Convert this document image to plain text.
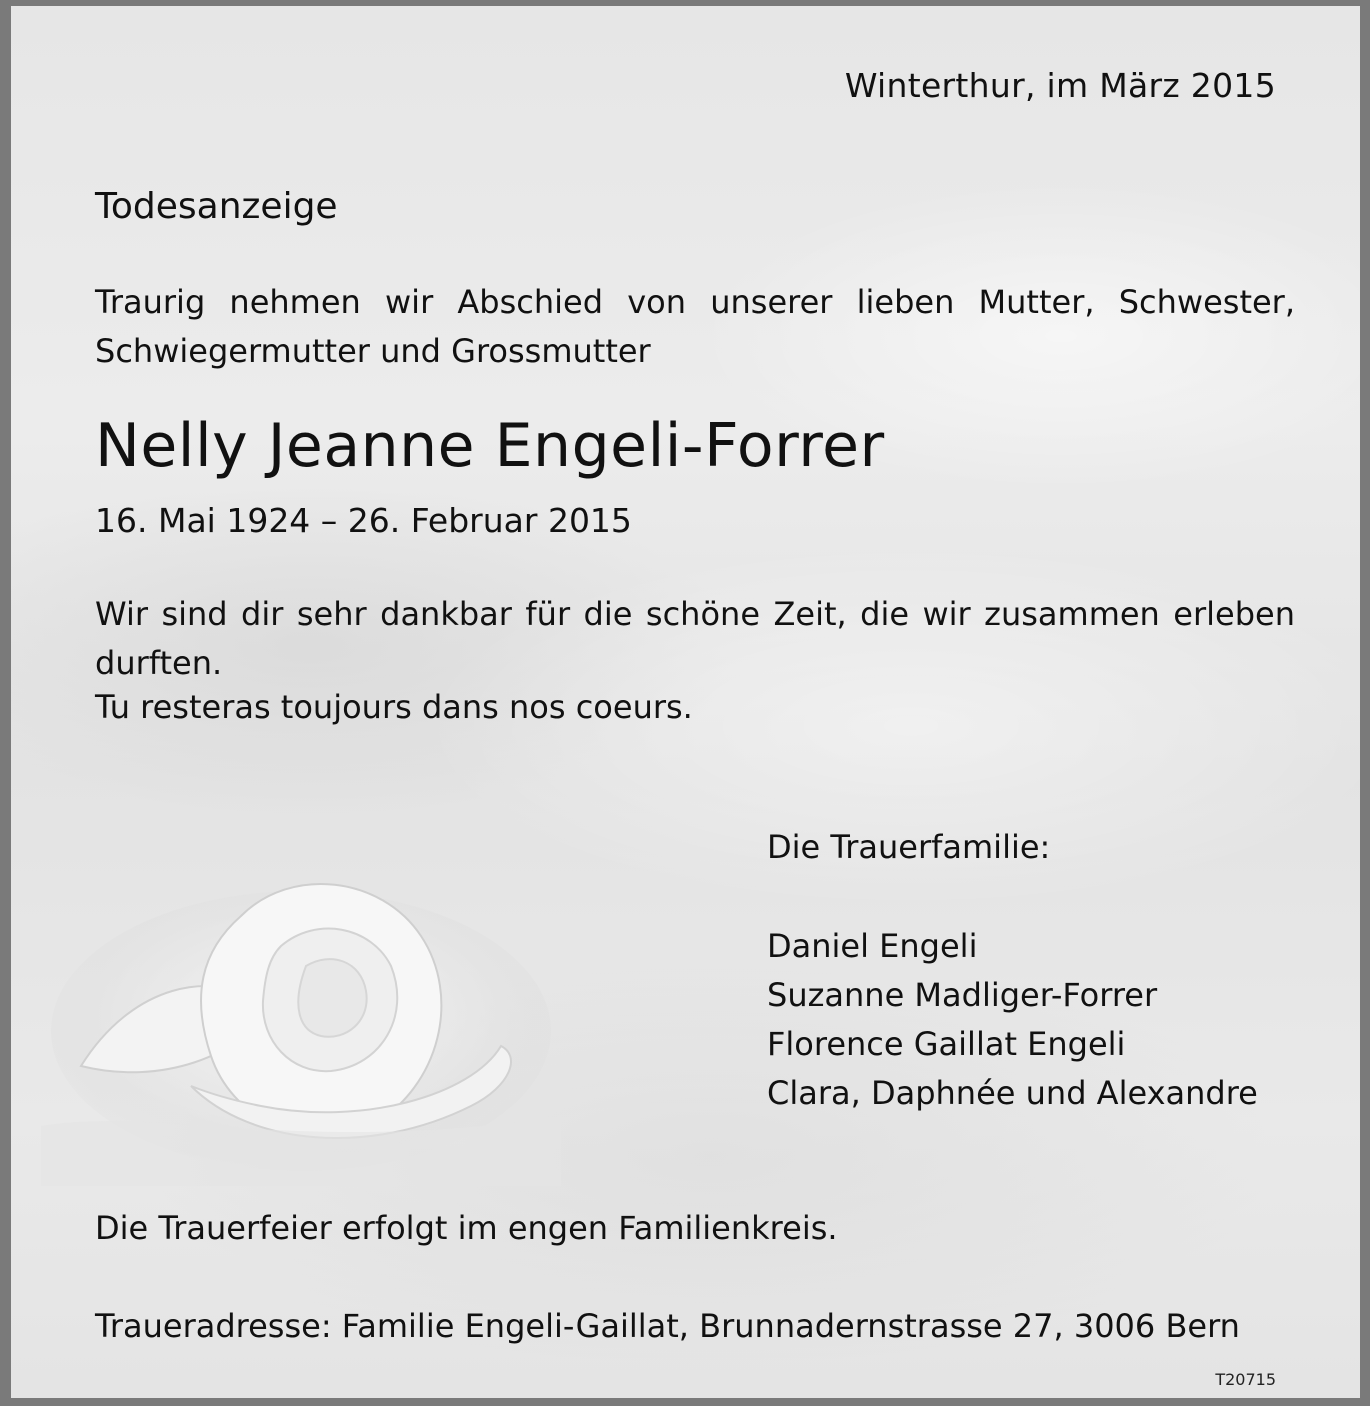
Winterthur, im März 2015
Todesanzeige
Traurig nehmen wir Abschied von unserer lieben Mutter, Schwester, Schwiegermutter und Grossmutter
Nelly Jeanne Engeli-Forrer
16. Mai 1924 – 26. Februar 2015
Wir sind dir sehr dankbar für die schöne Zeit, die wir zusammen erleben durften.
Tu resteras toujours dans nos coeurs.
Die Trauerfamilie:
Daniel Engeli
Suzanne Madliger-Forrer
Florence Gaillat Engeli
Clara, Daphnée und Alexandre
Die Trauerfeier erfolgt im engen Familienkreis.
Traueradresse: Familie Engeli-Gaillat, Brunnadernstrasse 27, 3006 Bern
T20715
